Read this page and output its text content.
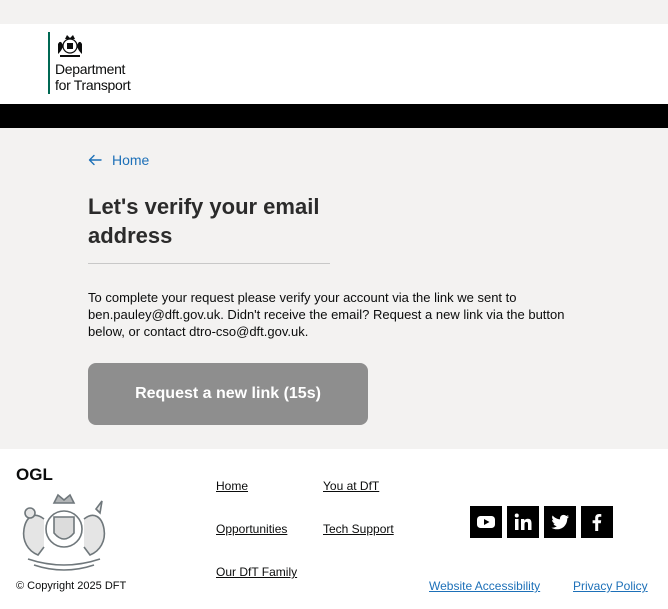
Department
for Transport
Home
Let's verify your email address

To complete your request please verify your account via the link we sent to ben.pauley@dft.gov.uk. Didn't receive the email? Request a new link via the button below, or contact dtro-cso@dft.gov.uk.

Request a new link (15s)
OGL
© Copyright 2025 DFT
Home
Opportunities
Our DfT Family
You at DfT
Tech Support
Website Accessibility	Privacy Policy
